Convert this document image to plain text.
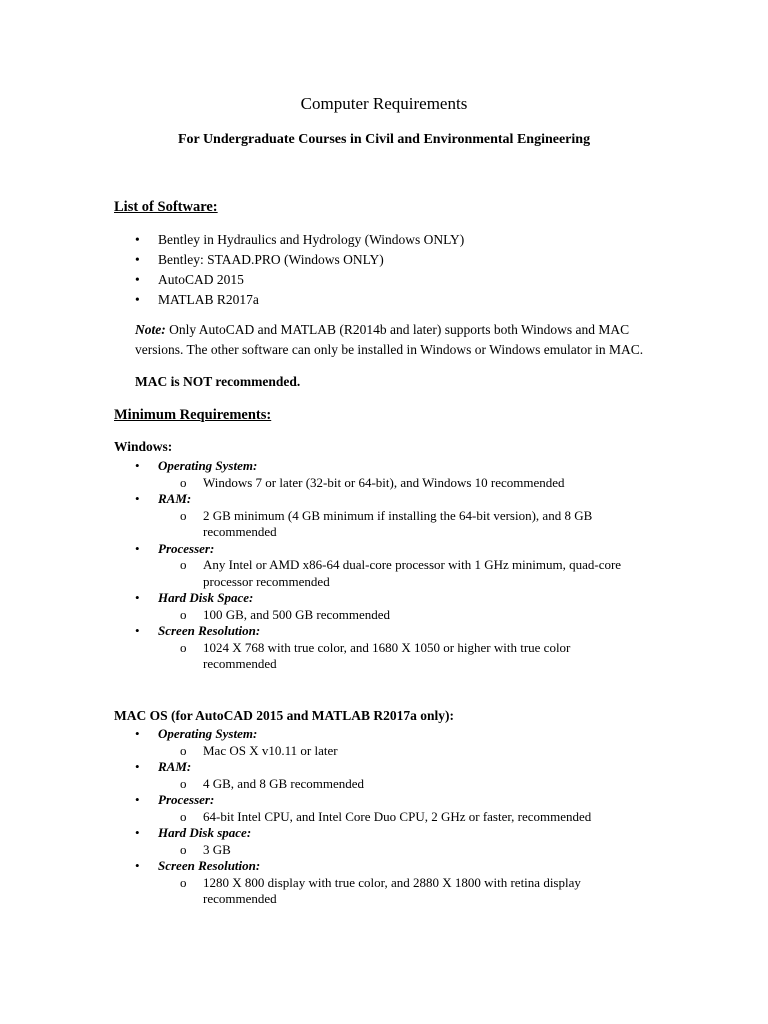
Computer Requirements
For Undergraduate Courses in Civil and Environmental Engineering
List of Software:
• Bentley in Hydraulics and Hydrology (Windows ONLY)
• Bentley: STAAD.PRO (Windows ONLY)
• AutoCAD 2015
• MATLAB R2017a

Note: Only AutoCAD and MATLAB (R2014b and later) supports both Windows and MAC versions. The other software can only be installed in Windows or Windows emulator in MAC.

MAC is NOT recommended.
Minimum Requirements:
Windows:
• Operating System:
o Windows 7 or later (32-bit or 64-bit), and Windows 10 recommended
• RAM:
o 2 GB minimum (4 GB minimum if installing the 64-bit version), and 8 GB recommended
• Processer:
o Any Intel or AMD x86-64 dual-core processor with 1 GHz minimum, quad-core processor recommended
• Hard Disk Space:
o 100 GB, and 500 GB recommended
• Screen Resolution:
o 1024 X 768 with true color, and 1680 X 1050 or higher with true color recommended
MAC OS (for AutoCAD 2015 and MATLAB R2017a only):
• Operating System:
o Mac OS X v10.11 or later
• RAM:
o 4 GB, and 8 GB recommended
• Processer:
o 64-bit Intel CPU, and Intel Core Duo CPU, 2 GHz or faster, recommended
• Hard Disk space:
o 3 GB
• Screen Resolution:
o 1280 X 800 display with true color, and 2880 X 1800 with retina display recommended
